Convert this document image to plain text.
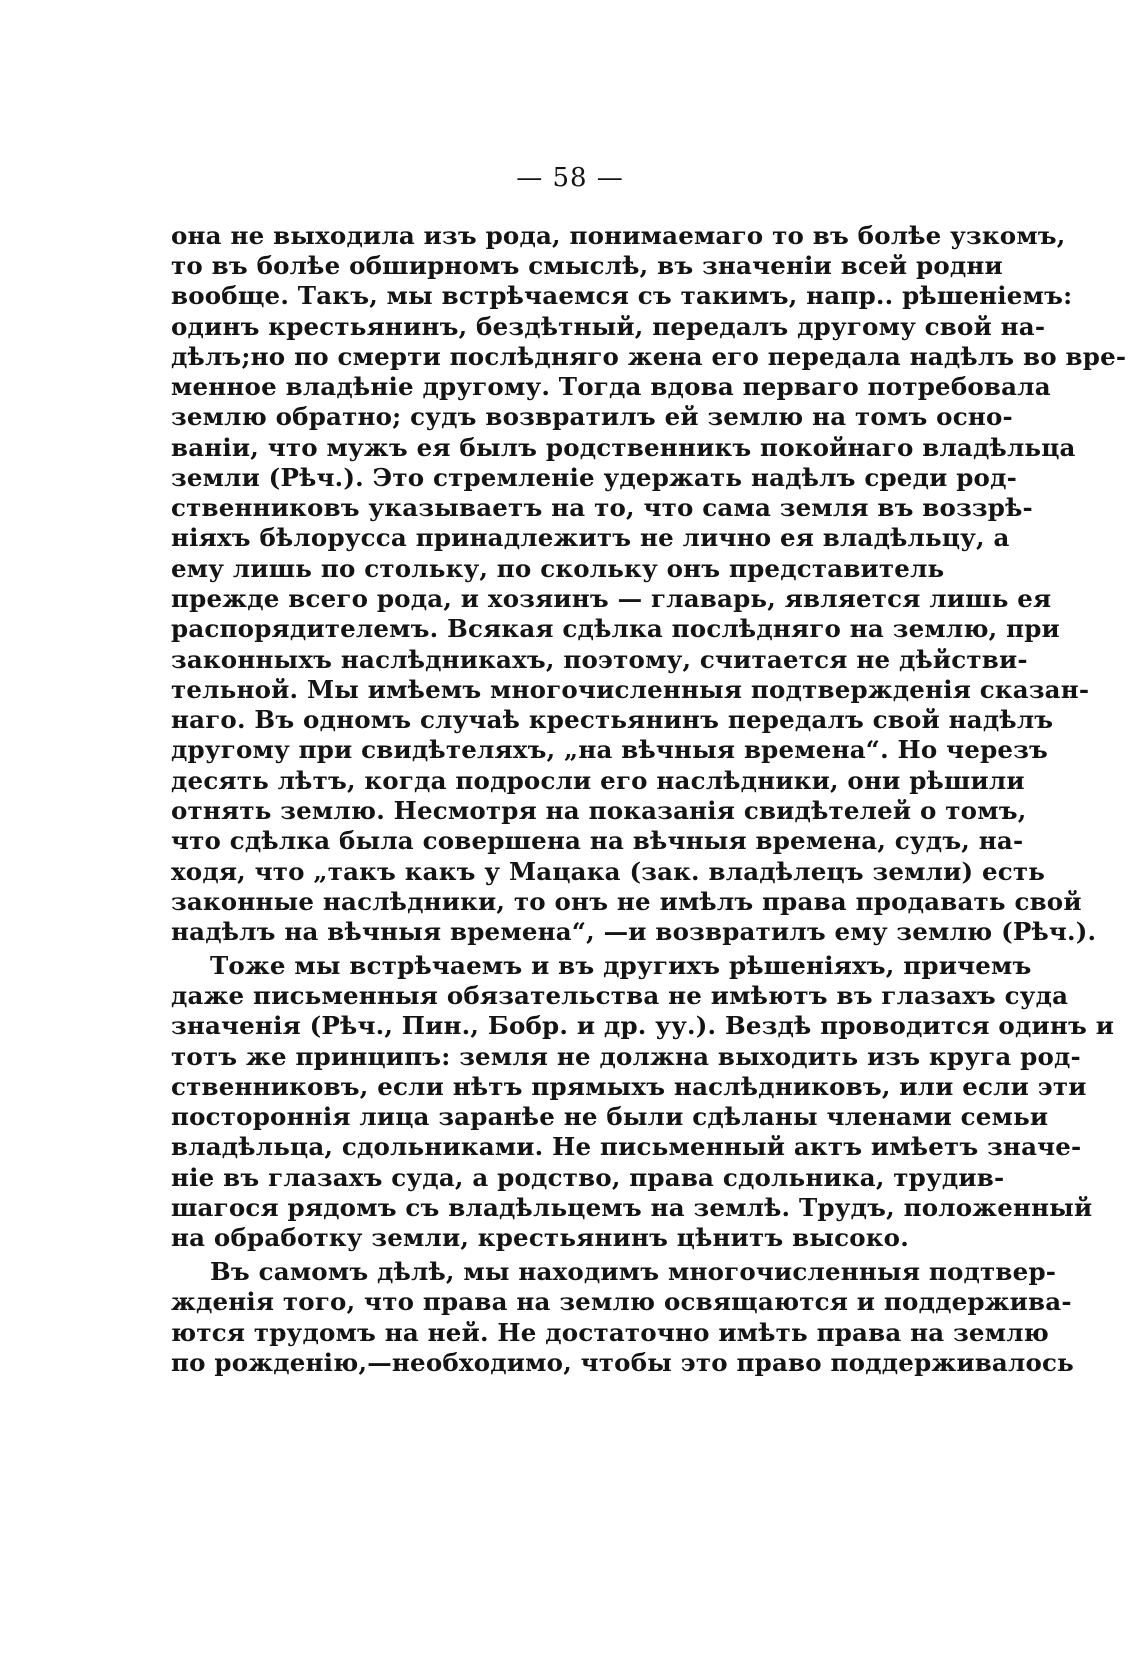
— 58 —
она не выходила изъ рода, понимаемаго то въ болѣе узкомъ,
то въ болѣе обширномъ смыслѣ, въ значенiи всей родни
вообще. Такъ, мы встрѣчаемся съ такимъ, напр.. рѣшенiемъ:
одинъ крестьянинъ, бездѣтный, передалъ другому свой на-
дѣлъ;но по смерти послѣдняго жена его передала надѣлъ во вре-
менное владѣнiе другому. Тогда вдова перваго потребовала
землю обратно; судъ возвратилъ ей землю на томъ осно-
ванiи, что мужъ ея былъ родственникъ покойнаго владѣльца
земли (Рѣч.). Это стремленiе удержать надѣлъ среди род-
ственниковъ указываетъ на то, что сама земля въ воззрѣ-
нiяхъ бѣлорусса принадлежитъ не лично ея владѣльцу, а
ему лишь по стольку, по скольку онъ представитель
прежде всего рода, и хозяинъ — главарь, является лишь ея
распорядителемъ. Всякая сдѣлка послѣдняго на землю, при
законныхъ наслѣдникахъ, поэтому, считается не дѣйстви-
тельной. Мы имѣемъ многочисленныя подтвержденiя сказан-
наго. Въ одномъ случаѣ крестьянинъ передалъ свой надѣлъ
другому при свидѣтеляхъ, „на вѣчныя времена“. Но черезъ
десять лѣтъ, когда подросли его наслѣдники, они рѣшили
отнять землю. Несмотря на показанiя свидѣтелей о томъ,
что сдѣлка была совершена на вѣчныя времена, судъ, на-
ходя, что „такъ какъ у Мацака (зак. владѣлецъ земли) есть
законные наслѣдники, то онъ не имѣлъ права продавать свой
надѣлъ на вѣчныя времена“, —и возвратилъ ему землю (Рѣч.).
Тоже мы встрѣчаемъ и въ другихъ рѣшенiяхъ, причемъ
даже письменныя обязательства не имѣютъ въ глазахъ суда
значенiя (Рѣч., Пин., Бобр. и др. уу.). Вездѣ проводится одинъ и
тотъ же принципъ: земля не должна выходить изъ круга род-
ственниковъ, если нѣтъ прямыхъ наслѣдниковъ, или если эти
постороннiя лица заранѣе не были сдѣланы членами семьи
владѣльца, сдольниками. Не письменный актъ имѣетъ значе-
нiе въ глазахъ суда, а родство, права сдольника, трудив-
шагося рядомъ съ владѣльцемъ на землѣ. Трудъ, положенный
на обработку земли, крестьянинъ цѣнитъ высоко.
Въ самомъ дѣлѣ, мы находимъ многочисленныя подтвер-
жденiя того, что права на землю освящаются и поддержива-
ются трудомъ на ней. Не достаточно имѣть права на землю
по рожденiю,—необходимо, чтобы это право поддерживалось
